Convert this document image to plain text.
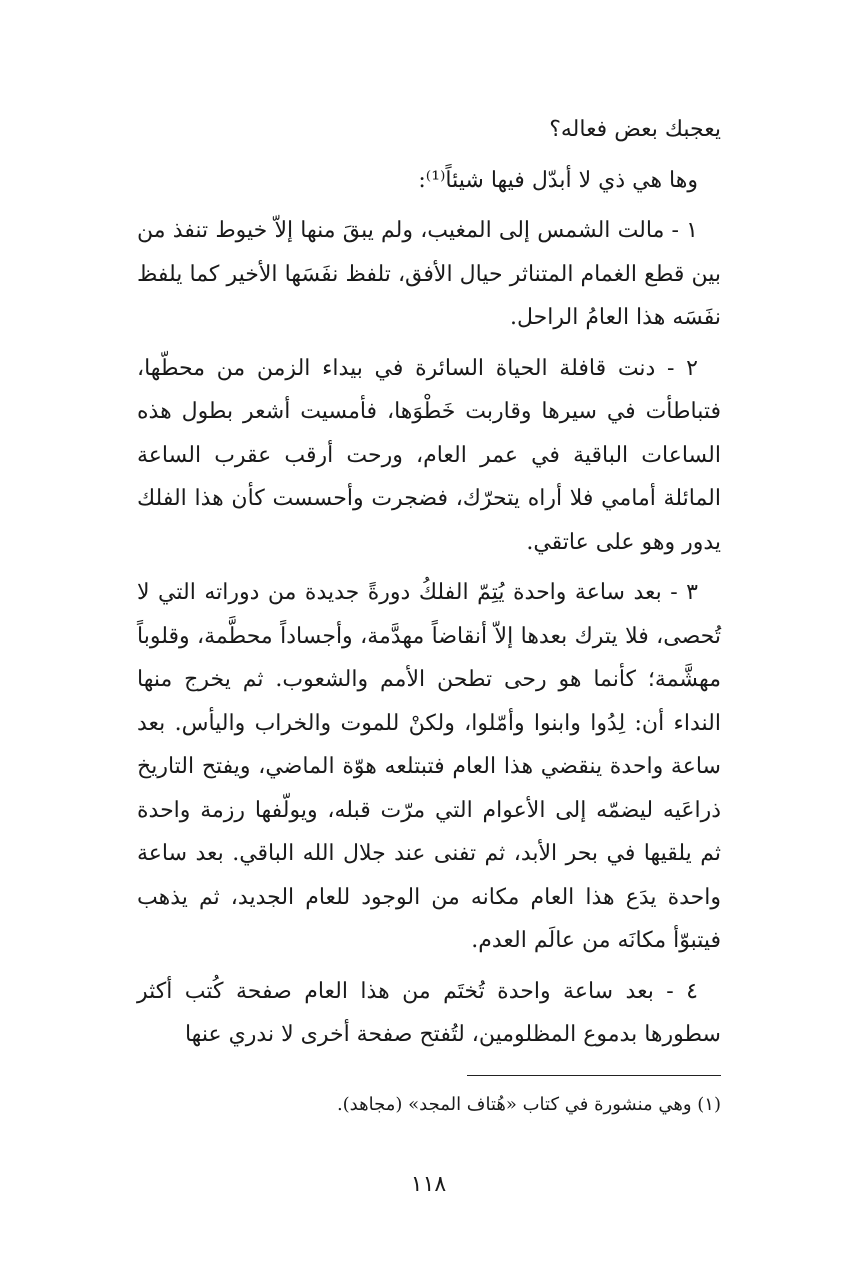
يعجبك بعض فعاله؟

وها هي ذي لا أبدّل فيها شيئاً⁽¹⁾:

١ - مالت الشمس إلى المغيب، ولم يبقَ منها إلاّ خيوط تنفذ من بين قطع الغمام المتناثر حيال الأفق، تلفظ نفَسَها الأخير كما يلفظ نفَسَه هذا العامُ الراحل.

٢ - دنت قافلة الحياة السائرة في بيداء الزمن من محطّها، فتباطأت في سيرها وقاربت خَطْوَها، فأمسيت أشعر بطول هذه الساعات الباقية في عمر العام، ورحت أرقب عقرب الساعة المائلة أمامي فلا أراه يتحرّك، فضجرت وأحسست كأن هذا الفلك يدور وهو على عاتقي.

٣ - بعد ساعة واحدة يُتِمّ الفلكُ دورةً جديدة من دوراته التي لا تُحصى، فلا يترك بعدها إلاّ أنقاضاً مهدَّمة، وأجساداً محطَّمة، وقلوباً مهشَّمة؛ كأنما هو رحى تطحن الأمم والشعوب. ثم يخرج منها النداء أن: لِدُوا وابنوا وأمّلوا، ولكنْ للموت والخراب واليأس. بعد ساعة واحدة ينقضي هذا العام فتبتلعه هوّة الماضي، ويفتح التاريخ ذراعَيه ليضمّه إلى الأعوام التي مرّت قبله، ويولّفها رزمة واحدة ثم يلقيها في بحر الأبد، ثم تفنى عند جلال الله الباقي. بعد ساعة واحدة يدَع هذا العام مكانه من الوجود للعام الجديد، ثم يذهب فيتبوّأ مكانَه من عالَم العدم.

٤ - بعد ساعة واحدة تُختَم من هذا العام صفحة كُتب أكثر سطورها بدموع المظلومين، لتُفتح صفحة أخرى لا ندري عنها

(١) وهي منشورة في كتاب «هُتاف المجد» (مجاهد).
١١٨
